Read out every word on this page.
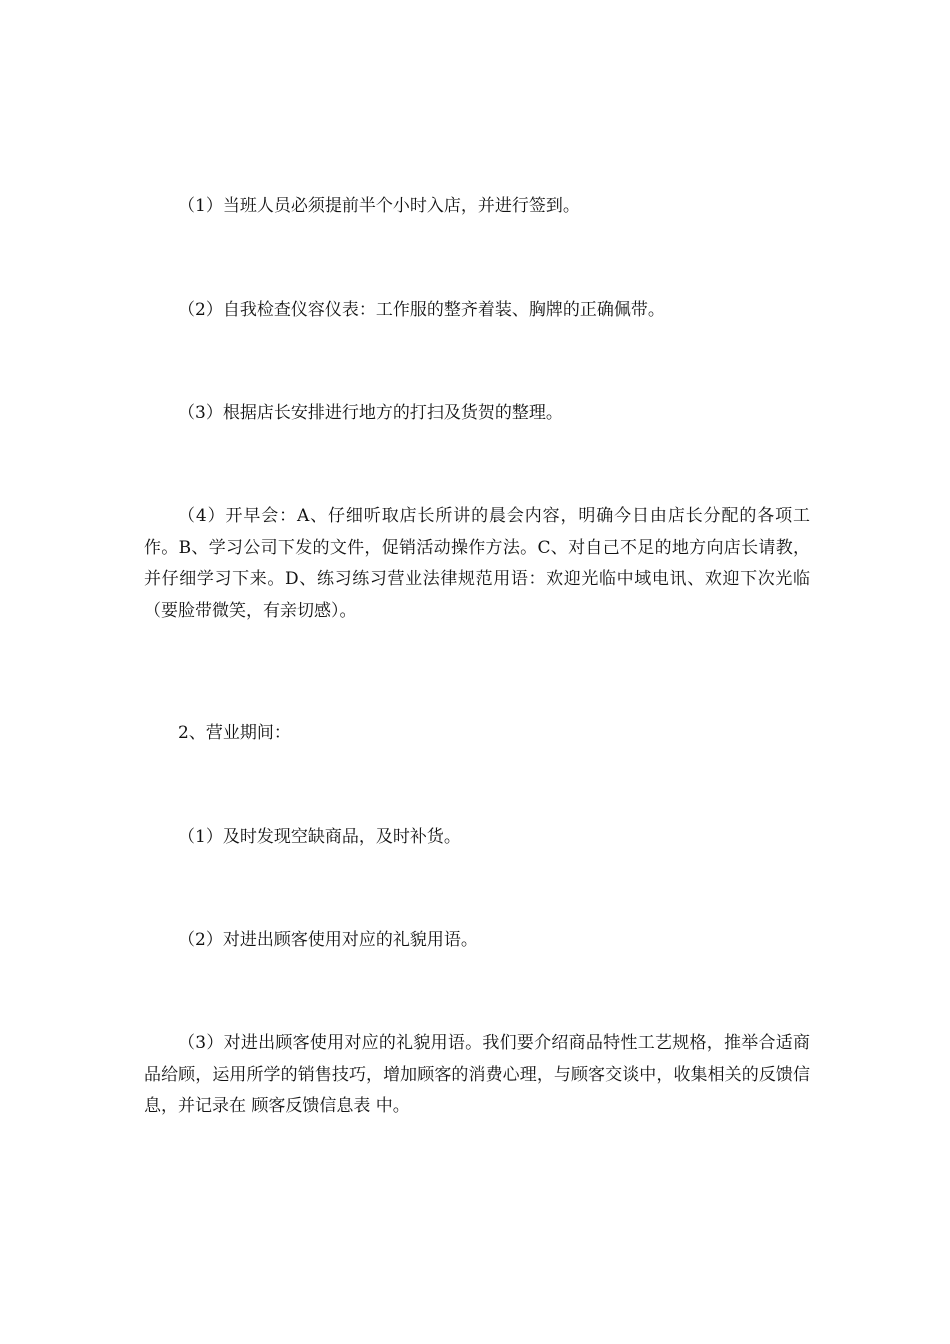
（1）当班人员必须提前半个小时入店，并进行签到。

（2）自我检查仪容仪表：工作服的整齐着装、胸牌的正确佩带。

（3）根据店长安排进行地方的打扫及货贺的整理。

（4）开早会：A、仔细听取店长所讲的晨会内容，明确今日由店长分配的各项工作。B、学习公司下发的文件，促销活动操作方法。C、对自己不足的地方向店长请教，并仔细学习下来。D、练习练习营业法律规范用语：欢迎光临中域电讯、欢迎下次光临（要脸带微笑，有亲切感）。

2、营业期间：

（1）及时发现空缺商品，及时补货。

（2）对进出顾客使用对应的礼貌用语。

（3）对进出顾客使用对应的礼貌用语。我们要介绍商品特性工艺规格，推举合适商品给顾，运用所学的销售技巧，增加顾客的消费心理，与顾客交谈中，收集相关的反馈信息，并记录在 顾客反馈信息表 中。
